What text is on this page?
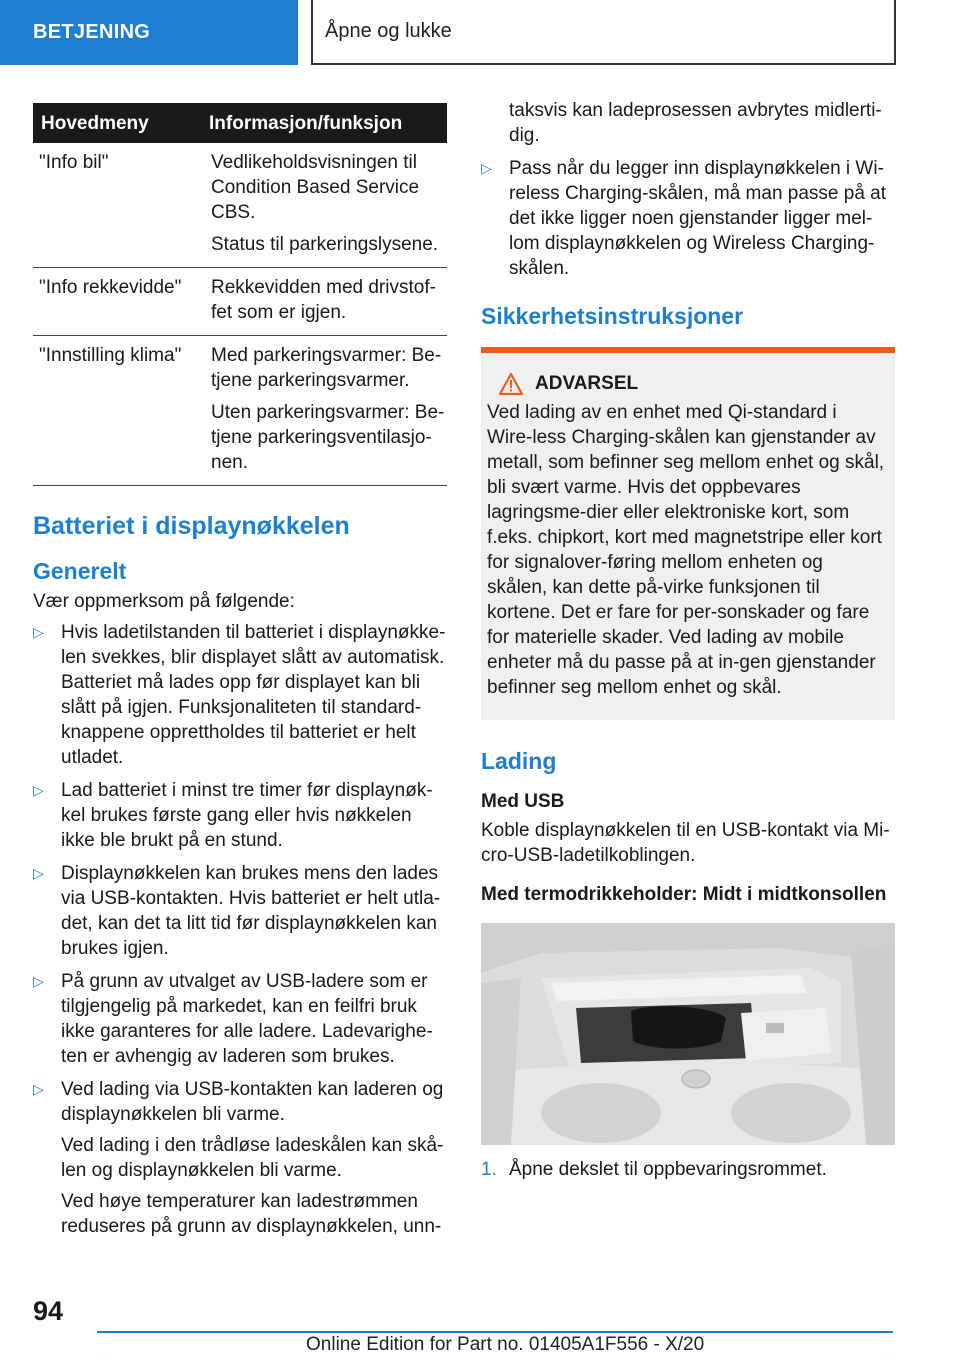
BETJENING	Åpne og lukke
Hovedmeny	Informasjon/funksjon
"Info bil"	Vedlikeholdsvisningen til Condition Based Service CBS.

Status til parkeringslysene.

"Info rekkevidde"	Rekkevidden med drivstof-fet som er igjen.

"Innstilling klima"	Med parkeringsvarmer: Be-tjene parkeringsvarmer.

Uten parkeringsvarmer: Be-tjene parkeringsventilasjo-nen.

Batteriet i displaynøkkelen
Generelt

Vær oppmerksom på følgende:

▷ Hvis ladetilstanden til batteriet i displaynøkke-len svekkes, blir displayet slått av automatisk. Batteriet må lades opp før displayet kan bli slått på igjen. Funksjonaliteten til standard-knappene opprettholdes til batteriet er helt utladet.

▷ Lad batteriet i minst tre timer før displaynøk-kel brukes første gang eller hvis nøkkelen ikke ble brukt på en stund.

▷ Displaynøkkelen kan brukes mens den lades via USB-kontakten. Hvis batteriet er helt utla-det, kan det ta litt tid før displaynøkkelen kan brukes igjen.

▷ På grunn av utvalget av USB-ladere som er tilgjengelig på markedet, kan en feilfri bruk ikke garanteres for alle ladere. Ladevarighe-ten er avhengig av laderen som brukes.

▷ Ved lading via USB-kontakten kan laderen og displaynøkkelen bli varme.

Ved lading i den trådløse ladeskålen kan skå-len og displaynøkkelen bli varme.

Ved høye temperaturer kan ladestrømmen reduseres på grunn av displaynøkkelen, unn-

taksvis kan ladeprosessen avbrytes midlerti-dig.

▷ Pass når du legger inn displaynøkkelen i Wi-reless Charging-skålen, må man passe på at det ikke ligger noen gjenstander ligger mel-lom displaynøkkelen og Wireless Charging-skålen.

Sikkerhetsinstruksjoner
ADVARSEL

Ved lading av en enhet med Qi-standard i Wire-less Charging-skålen kan gjenstander av metall, som befinner seg mellom enhet og skål, bli svært varme. Hvis det oppbevares lagringsme-dier eller elektroniske kort, som f.eks. chipkort, kort med magnetstripe eller kort for signalover-føring mellom enheten og skålen, kan dette på-virke funksjonen til kortene. Det er fare for per-sonskader og fare for materielle skader. Ved lading av mobile enheter må du passe på at in-gen gjenstander befinner seg mellom enhet og skål.

Lading
Med USB

Koble displaynøkkelen til en USB-kontakt via Mi-cro-USB-ladetilkoblingen.

Med termodrikkeholder: Midt i midtkonsollen
1. Åpne dekslet til oppbevaringsrommet.
94
Online Edition for Part no. 01405A1F556 - X/20
